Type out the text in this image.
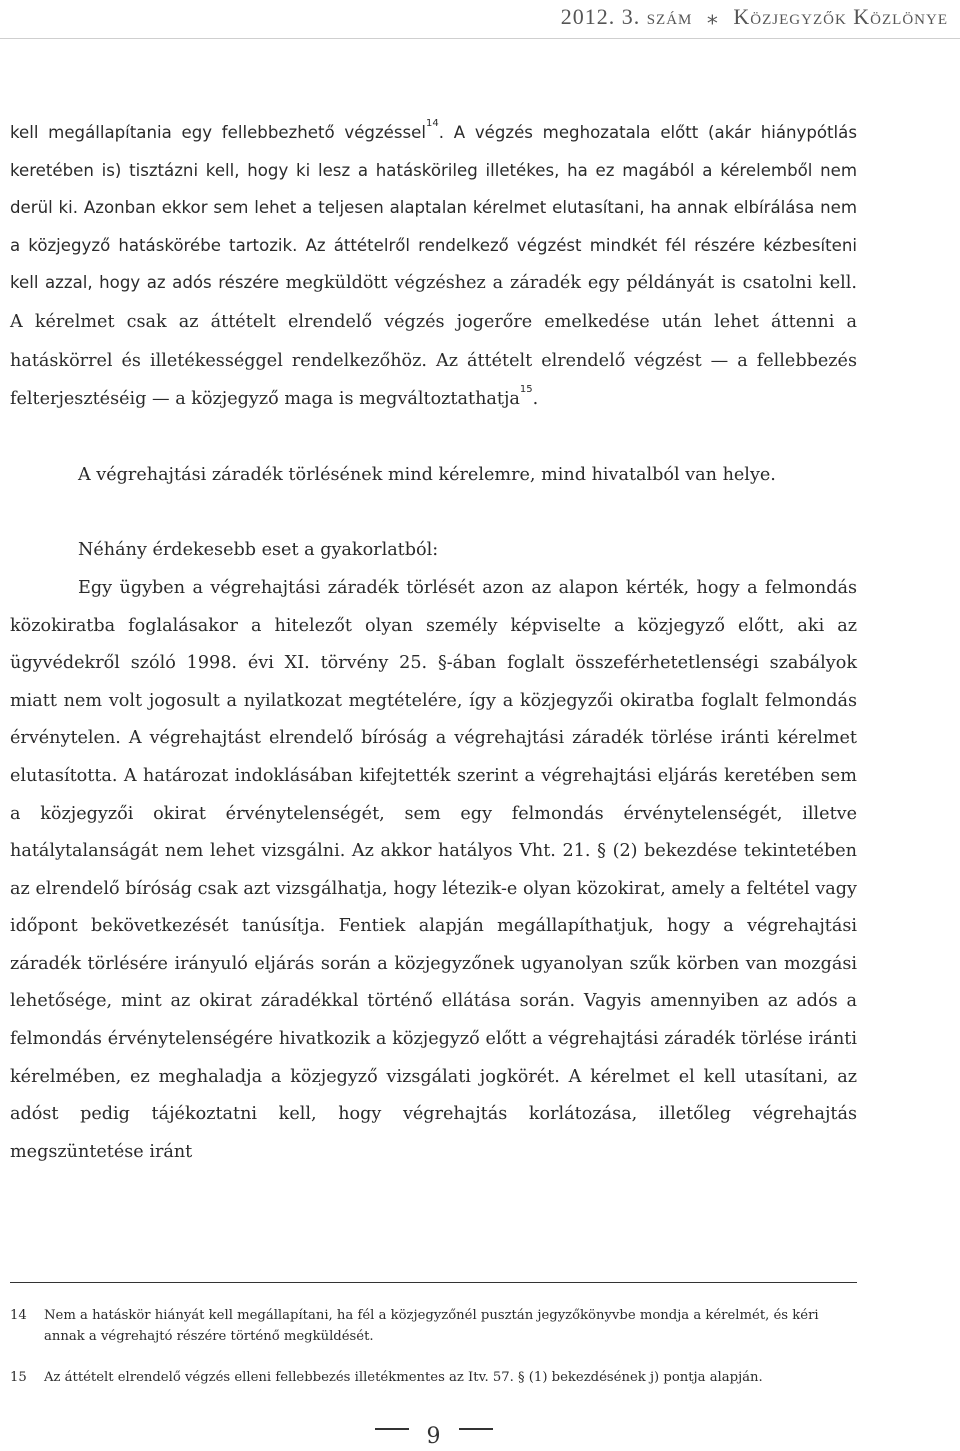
2012. 3. szám ⁎ Közjegyzők Közlönye

kell megállapítania egy fellebbezhető végzéssel$^{14}$. A végzés meghozatala előtt (akár hiánypótlás keretében is) tisztázni kell, hogy ki lesz a hatáskörileg illetékes, ha ez magából a kérelemből nem derül ki. Azonban ekkor sem lehet a teljesen alaptalan kérelmet elutasítani, ha annak elbírálása nem a közjegyző hatáskörébe tartozik. Az áttételről rendelkező végzést mindkét fél részére kézbesíteni kell azzal, hogy az adós részére megküldött végzéshez a záradék egy példányát is csatolni kell. A kérelmet csak az áttételt elrendelő végzés jogerőre emelkedése után lehet áttenni a hatáskörrel és illetékességgel rendelkezőhöz. Az áttételt elrendelő végzést — a fellebbezés felterjesztéséig — a közjegyző maga is megváltoztathatja$^{15}$.

A végrehajtási záradék törlésének mind kérelemre, mind hivatalból van helye.

Néhány érdekesebb eset a gyakorlatból:

Egy ügyben a végrehajtási záradék törlését azon az alapon kérték, hogy a felmondás közokiratba foglalásakor a hitelezőt olyan személy képviselte a közjegyző előtt, aki az ügyvédekről szóló 1998. évi XI. törvény 25. §-ában foglalt összeférhetetlenségi szabályok miatt nem volt jogosult a nyilatkozat megtételére, így a közjegyzői okiratba foglalt felmondás érvénytelen. A végrehajtást elrendelő bíróság a végrehajtási záradék törlése iránti kérelmet elutasította. A határozat indoklásában kifejtették szerint a végrehajtási eljárás keretében sem a közjegyzői okirat érvénytelenségét, sem egy felmondás érvénytelenségét, illetve hatálytalanságát nem lehet vizsgálni. Az akkor hatályos Vht. 21. § (2) bekezdése tekintetében az elrendelő bíróság csak azt vizsgálhatja, hogy létezik-e olyan közokirat, amely a feltétel vagy időpont bekövetkezését tanúsítja. Fentiek alapján megállapíthatjuk, hogy a végrehajtási záradék törlésére irányuló eljárás során a közjegyzőnek ugyanolyan szűk körben van mozgási lehetősége, mint az okirat záradékkal történő ellátása során. Vagyis amennyiben az adós a felmondás érvénytelenségére hivatkozik a közjegyző előtt a végrehajtási záradék törlése iránti kérelmében, ez meghaladja a közjegyző vizsgálati jogkörét. A kérelmet el kell utasítani, az adóst pedig tájékoztatni kell, hogy végrehajtás korlátozása, illetőleg végrehajtás megszüntetése iránt

14	Nem a hatáskör hiányát kell megállapítani, ha fél a közjegyzőnél pusztán jegyzőkönyvbe mondja a kérelmét, és kéri annak a végrehajtó részére történő megküldését.
15	Az áttételt elrendelő végzés elleni fellebbezés illetékmentes az Itv. 57. § (1) bekezdésének j) pontja alapján.
9
